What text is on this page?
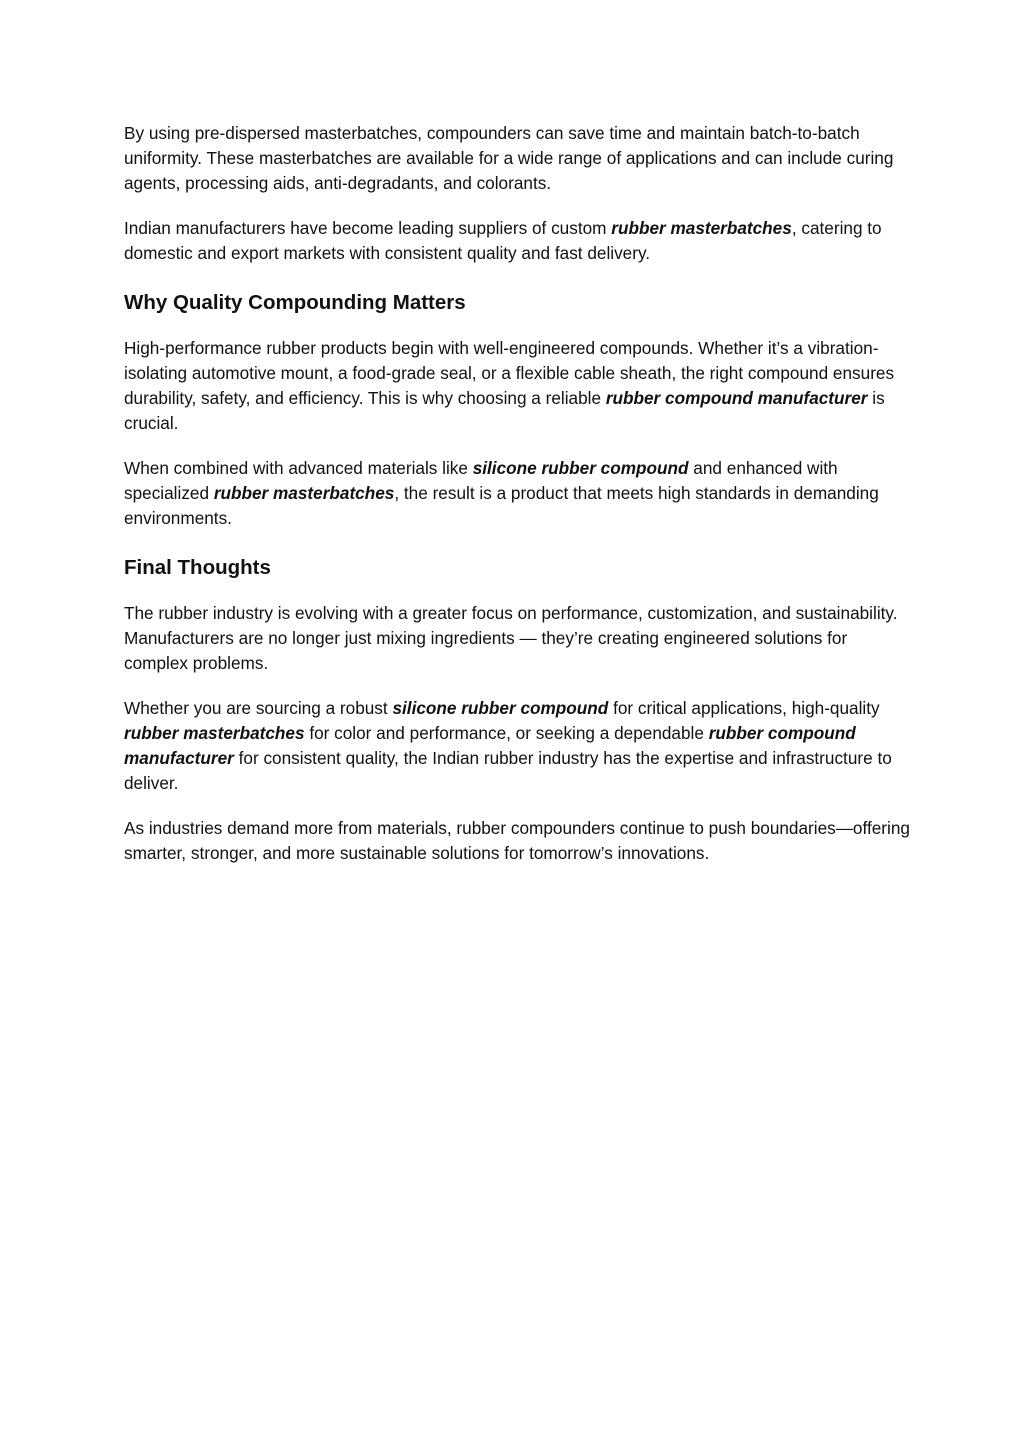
By using pre-dispersed masterbatches, compounders can save time and maintain batch-to-batch uniformity. These masterbatches are available for a wide range of applications and can include curing agents, processing aids, anti-degradants, and colorants.

Indian manufacturers have become leading suppliers of custom rubber masterbatches, catering to domestic and export markets with consistent quality and fast delivery.

Why Quality Compounding Matters

High-performance rubber products begin with well-engineered compounds. Whether it’s a vibration-isolating automotive mount, a food-grade seal, or a flexible cable sheath, the right compound ensures durability, safety, and efficiency. This is why choosing a reliable rubber compound manufacturer is crucial.

When combined with advanced materials like silicone rubber compound and enhanced with specialized rubber masterbatches, the result is a product that meets high standards in demanding environments.

Final Thoughts

The rubber industry is evolving with a greater focus on performance, customization, and sustainability. Manufacturers are no longer just mixing ingredients — they’re creating engineered solutions for complex problems.

Whether you are sourcing a robust silicone rubber compound for critical applications, high-quality rubber masterbatches for color and performance, or seeking a dependable rubber compound manufacturer for consistent quality, the Indian rubber industry has the expertise and infrastructure to deliver.

As industries demand more from materials, rubber compounders continue to push boundaries—offering smarter, stronger, and more sustainable solutions for tomorrow’s innovations.
